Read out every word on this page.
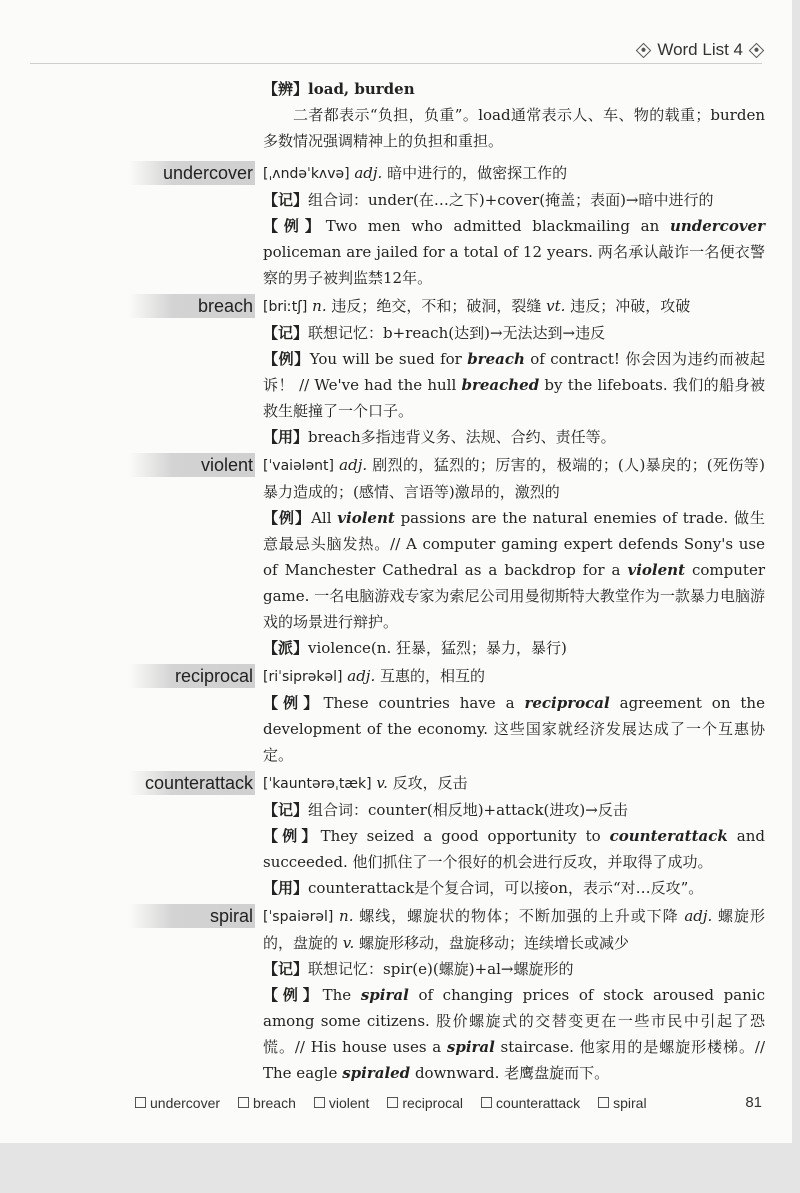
Word List 4
【辨】load, burden
二者都表示“负担，负重”。load通常表示人、车、物的载重；burden多数情况强调精神上的负担和重担。
undercover [ˌʌndəˈkʌvə] adj. 暗中进行的，做密探工作的
【记】组合词：under(在…之下)+cover(掩盖；表面)→暗中进行的
【例】Two men who admitted blackmailing an undercover policeman are jailed for a total of 12 years. 两名承认敲诈一名便衣警察的男子被判监禁12年。
breach [briːtʃ] n. 违反；绝交，不和；破洞，裂缝 vt. 违反；冲破，攻破
【记】联想记忆：b+reach(达到)→无法达到→违反
【例】You will be sued for breach of contract! 你会因为违约而被起诉！ // We've had the hull breached by the lifeboats. 我们的船身被救生艇撞了一个口子。
【用】breach多指违背义务、法规、合约、责任等。
violent [ˈvaiələnt] adj. 剧烈的，猛烈的；厉害的，极端的；(人)暴戾的；(死伤等)暴力造成的；(感情、言语等)激昂的，激烈的
【例】All violent passions are the natural enemies of trade. 做生意最忌头脑发热。// A computer gaming expert defends Sony's use of Manchester Cathedral as a backdrop for a violent computer game. 一名电脑游戏专家为索尼公司用曼彻斯特大教堂作为一款暴力电脑游戏的场景进行辩护。
【派】violence(n. 狂暴，猛烈；暴力，暴行)
reciprocal [riˈsiprəkəl] adj. 互惠的，相互的
【例】These countries have a reciprocal agreement on the development of the economy. 这些国家就经济发展达成了一个互惠协定。
counterattack [ˈkauntərəˌtæk] v. 反攻，反击
【记】组合词：counter(相反地)+attack(进攻)→反击
【例】They seized a good opportunity to counterattack and succeeded. 他们抓住了一个很好的机会进行反攻，并取得了成功。
【用】counterattack是个复合词，可以接on，表示“对…反攻”。
spiral [ˈspaiərəl] n. 螺线，螺旋状的物体；不断加强的上升或下降 adj. 螺旋形的，盘旋的 v. 螺旋形移动，盘旋移动；连续增长或减少
【记】联想记忆：spir(e)(螺旋)+al→螺旋形的
【例】The spiral of changing prices of stock aroused panic among some citizens. 股价螺旋式的交替变更在一些市民中引起了恐慌。// His house uses a spiral staircase. 他家用的是螺旋形楼梯。// The eagle spiraled downward. 老鹰盘旋而下。
undercover breach violent reciprocal counterattack spiral	81
